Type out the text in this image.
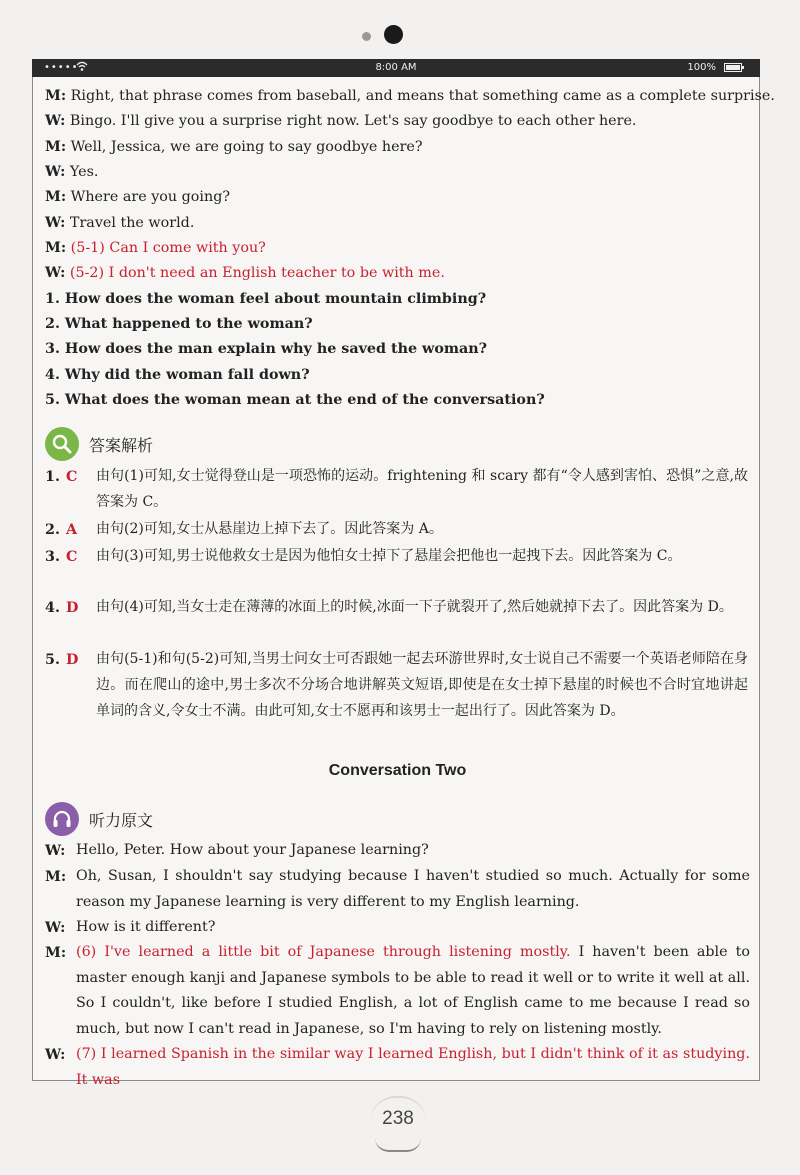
•••••	8:00 AM	100%
M: Right, that phrase comes from baseball, and means that something came as a complete surprise.
W: Bingo. I'll give you a surprise right now. Let's say goodbye to each other here.
M: Well, Jessica, we are going to say goodbye here?
W: Yes.
M: Where are you going?
W: Travel the world.
M: (5-1) Can I come with you?
W: (5-2) I don't need an English teacher to be with me.
1. How does the woman feel about mountain climbing?
2. What happened to the woman?
3. How does the man explain why he saved the woman?
4. Why did the woman fall down?
5. What does the woman mean at the end of the conversation?
答案解析
1. C 由句(1)可知,女士觉得登山是一项恐怖的运动。frightening 和 scary 都有“令人感到害怕、恐惧”之意,故答案为 C。
2. A 由句(2)可知,女士从悬崖边上掉下去了。因此答案为 A。
3. C 由句(3)可知,男士说他救女士是因为他怕女士掉下了悬崖会把他也一起拽下去。因此答案为 C。
4. D 由句(4)可知,当女士走在薄薄的冰面上的时候,冰面一下子就裂开了,然后她就掉下去了。因此答案为 D。
5. D 由句(5-1)和句(5-2)可知,当男士问女士可否跟她一起去环游世界时,女士说自己不需要一个英语老师陪在身边。而在爬山的途中,男士多次不分场合地讲解英文短语,即使是在女士掉下悬崖的时候也不合时宜地讲起单词的含义,令女士不满。由此可知,女士不愿再和该男士一起出行了。因此答案为 D。
Conversation Two
听力原文
W: Hello, Peter. How about your Japanese learning?
M: Oh, Susan, I shouldn't say studying because I haven't studied so much. Actually for some reason my Japanese learning is very different to my English learning.
W: How is it different?
M: (6) I've learned a little bit of Japanese through listening mostly. I haven't been able to master enough kanji and Japanese symbols to be able to read it well or to write it well at all. So I couldn't, like before I studied English, a lot of English came to me because I read so much, but now I can't read in Japanese, so I'm having to rely on listening mostly.
W: (7) I learned Spanish in the similar way I learned English, but I didn't think of it as studying. It was
238
